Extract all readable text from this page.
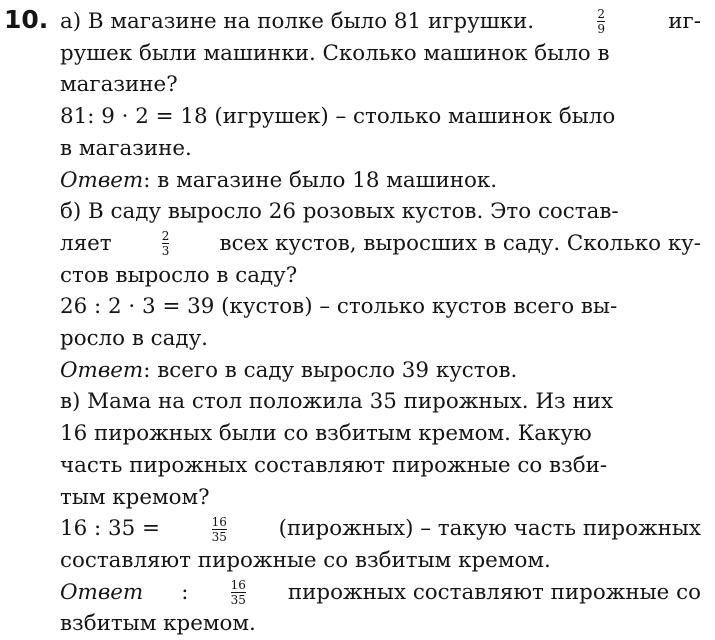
10. а) В магазине на полке было 81 игрушки.	$\frac{2}{9}$	иг-
рушек были машинки. Сколько машинок было в
магазине?
81: 9 · 2 = 18 (игрушек) – столько машинок было
в магазине.
Ответ : в магазине было 18 машинок.
б) В саду выросло 26 розовых кустов. Это состав-
ляет	$\frac{2}{3}$ всех кустов, выросших в саду. Сколько ку-
стов выросло в саду?
26 : 2 · 3 = 39 (кустов) – столько кустов всего вы-
росло в саду.
Ответ : всего в саду выросло 39 кустов.
в) Мама на стол положила 35 пирожных. Из них
16 пирожных были со взбитым кремом. Какую
часть пирожных составляют пирожные со взби-
тым кремом?
16 : 35 =	$\frac{16}{35}$ (пирожных) – такую часть пирожных
составляют пирожные со взбитым кремом.
Ответ :	$\frac{16}{35}$ пирожных составляют пирожные со
взбитым кремом.
